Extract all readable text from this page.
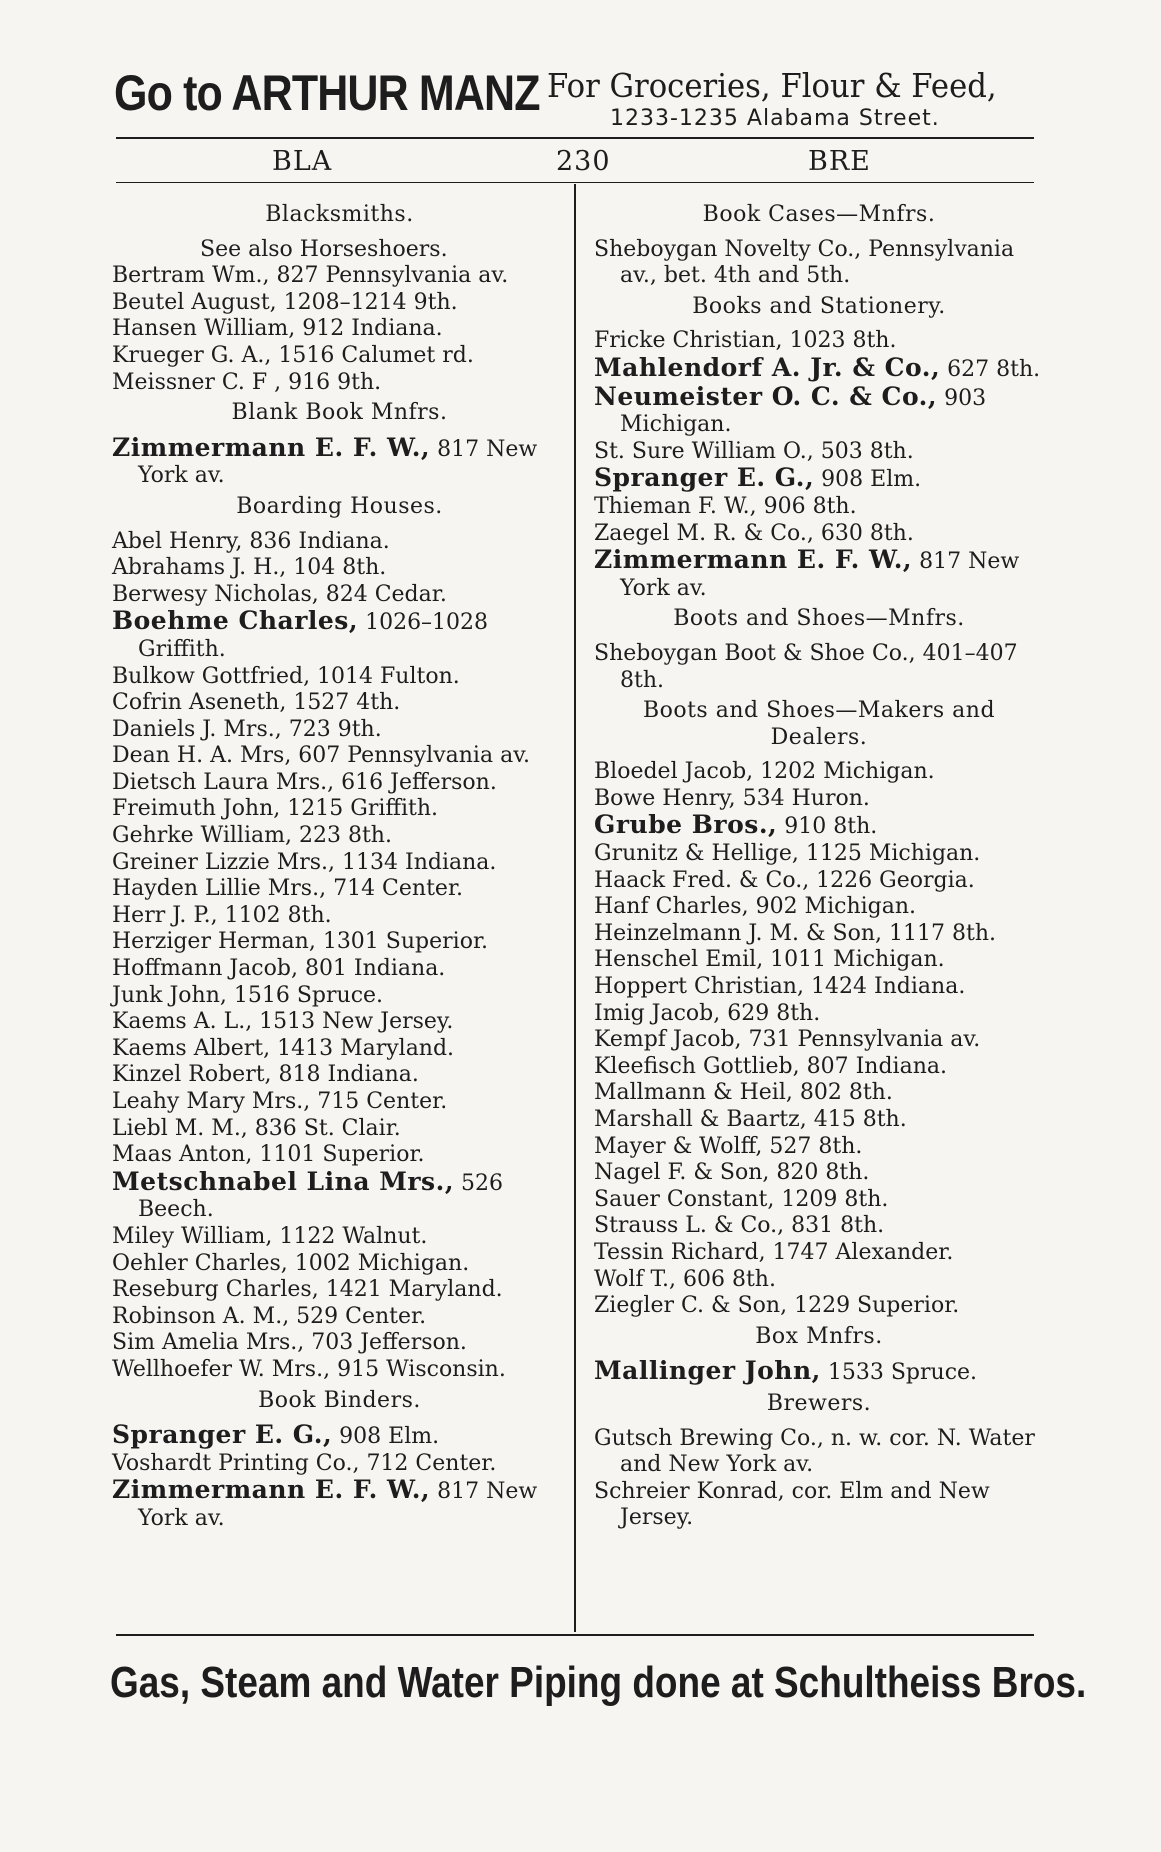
Go to ARTHUR MANZ For Groceries, Flour & Feed,
1233-1235 Alabama Street.
BLA	230	BRE
Blacksmiths.
See also Horseshoers.
Bertram Wm., 827 Pennsylvania av.
Beutel August, 1208–1214 9th.
Hansen William, 912 Indiana.
Krueger G. A., 1516 Calumet rd.
Meissner C. F , 916 9th.
Blank Book Mnfrs.
Zimmermann E. F. W., 817 New York av.
Boarding Houses.
Abel Henry, 836 Indiana.
Abrahams J. H., 104 8th.
Berwesy Nicholas, 824 Cedar.
Boehme Charles, 1026–1028 Griffith.
Bulkow Gottfried, 1014 Fulton.
Cofrin Aseneth, 1527 4th.
Daniels J. Mrs., 723 9th.
Dean H. A. Mrs, 607 Pennsylvania av.
Dietsch Laura Mrs., 616 Jefferson.
Freimuth John, 1215 Griffith.
Gehrke William, 223 8th.
Greiner Lizzie Mrs., 1134 Indiana.
Hayden Lillie Mrs., 714 Center.
Herr J. P., 1102 8th.
Herziger Herman, 1301 Superior.
Hoffmann Jacob, 801 Indiana.
Junk John, 1516 Spruce.
Kaems A. L., 1513 New Jersey.
Kaems Albert, 1413 Maryland.
Kinzel Robert, 818 Indiana.
Leahy Mary Mrs., 715 Center.
Liebl M. M., 836 St. Clair.
Maas Anton, 1101 Superior.
Metschnabel Lina Mrs., 526 Beech.
Miley William, 1122 Walnut.
Oehler Charles, 1002 Michigan.
Reseburg Charles, 1421 Maryland.
Robinson A. M., 529 Center.
Sim Amelia Mrs., 703 Jefferson.
Wellhoefer W. Mrs., 915 Wisconsin.
Book Binders.
Spranger E. G., 908 Elm.
Voshardt Printing Co., 712 Center.
Zimmermann E. F. W., 817 New York av.
Book Cases—Mnfrs.
Sheboygan Novelty Co., Pennsylvania av., bet. 4th and 5th.
Books and Stationery.
Fricke Christian, 1023 8th.
Mahlendorf A. Jr. & Co., 627 8th.
Neumeister O. C. & Co., 903 Michigan.
St. Sure William O., 503 8th.
Spranger E. G., 908 Elm.
Thieman F. W., 906 8th.
Zaegel M. R. & Co., 630 8th.
Zimmermann E. F. W., 817 New York av.
Boots and Shoes—Mnfrs.
Sheboygan Boot & Shoe Co., 401–407 8th.
Boots and Shoes—Makers and Dealers.
Bloedel Jacob, 1202 Michigan.
Bowe Henry, 534 Huron.
Grube Bros., 910 8th.
Grunitz & Hellige, 1125 Michigan.
Haack Fred. & Co., 1226 Georgia.
Hanf Charles, 902 Michigan.
Heinzelmann J. M. & Son, 1117 8th.
Henschel Emil, 1011 Michigan.
Hoppert Christian, 1424 Indiana.
Imig Jacob, 629 8th.
Kempf Jacob, 731 Pennsylvania av.
Kleefisch Gottlieb, 807 Indiana.
Mallmann & Heil, 802 8th.
Marshall & Baartz, 415 8th.
Mayer & Wolff, 527 8th.
Nagel F. & Son, 820 8th.
Sauer Constant, 1209 8th.
Strauss L. & Co., 831 8th.
Tessin Richard, 1747 Alexander.
Wolf T., 606 8th.
Ziegler C. & Son, 1229 Superior.
Box Mnfrs.
Mallinger John, 1533 Spruce.
Brewers.
Gutsch Brewing Co., n. w. cor. N. Water and New York av.
Schreier Konrad, cor. Elm and New Jersey.
Gas, Steam and Water Piping done at Schultheiss Bros.
